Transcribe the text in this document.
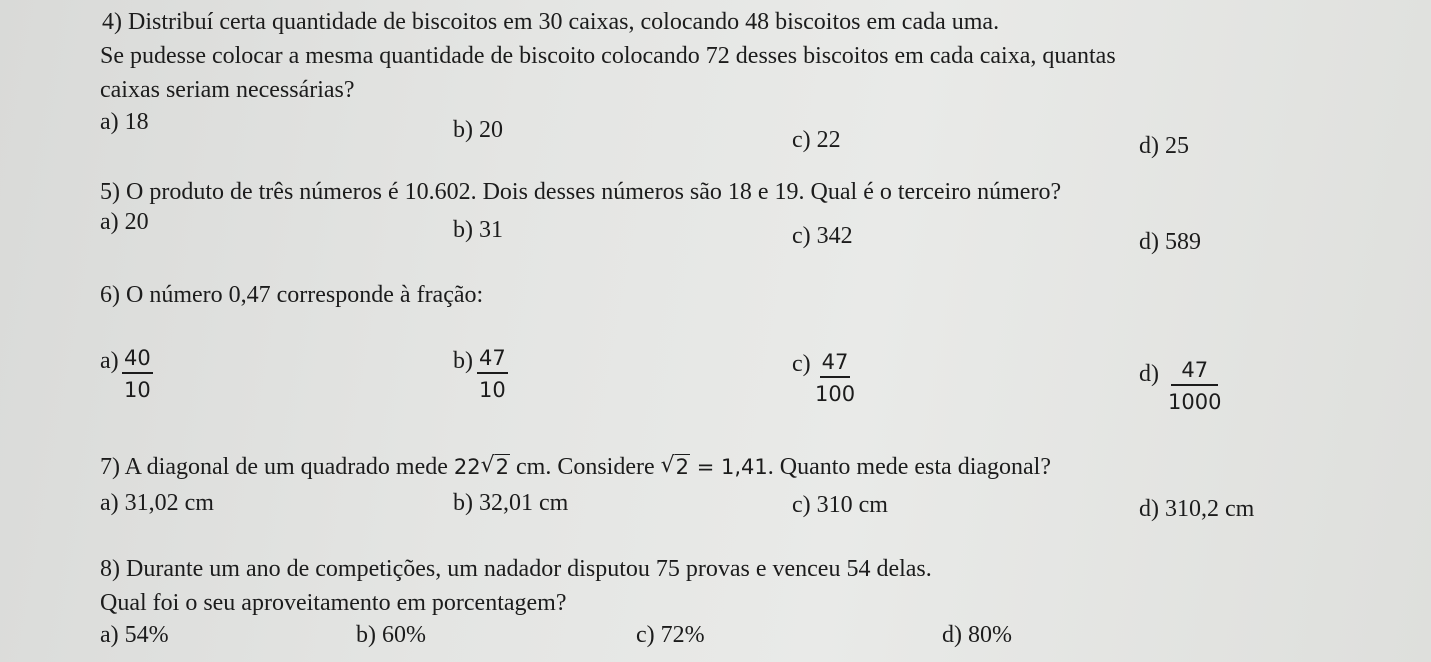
4) Distribuí certa quantidade de biscoitos em 30 caixas, colocando 48 biscoitos em cada uma.
Se pudesse colocar a mesma quantidade de biscoito colocando 72 desses biscoitos em cada caixa, quantas
caixas seriam necessárias?
a) 18	b) 20	c) 22	d) 25
5) O produto de três números é 10.602. Dois desses números são 18 e 19. Qual é o terceiro número?
a) 20	b) 31	c) 342	d) 589
6) O número 0,47 corresponde à fração:
$a) \frac{40}{10}$	$b) \frac{47}{10}$	$c) \frac{47}{100}$	$d) \frac{47}{1000}$
7) A diagonal de um quadrado mede 22√ 2 cm. Considere √ 2 = 1,41. Quanto mede esta diagonal?
a) 31,02 cm	b) 32,01 cm	c) 310 cm	d) 310,2 cm
8) Durante um ano de competições, um nadador disputou 75 provas e venceu 54 delas.
Qual foi o seu aproveitamento em porcentagem?
a) 54%	b) 60%	c) 72%	d) 80%
